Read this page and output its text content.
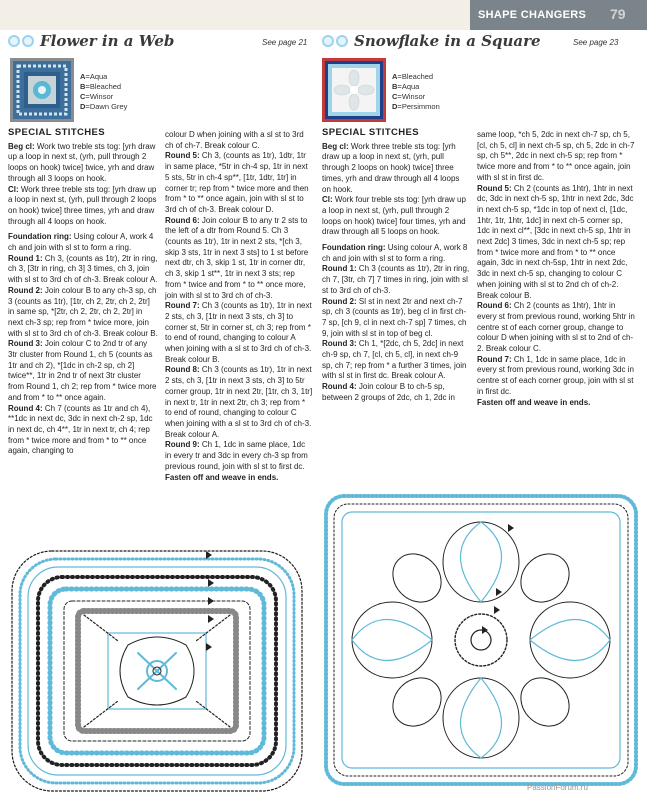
SHAPE CHANGERS 79
Flower in a Web	See page 21	Snowflake in a Square	See page 23
A=Aqua
B=Bleached
C=Winsor
D=Dawn Grey
A=Bleached
B=Aqua
C=Winsor
D=Persimmon
SPECIAL STITCHES

Beg cl: Work two treble sts tog: [yrh draw up a loop in next st, (yrh, pull through 2 loops on hook) twice] twice, yrh and draw through all 3 loops on hook.

Cl: Work three treble sts tog: [yrh draw up a loop in next st, (yrh, pull through 2 loops on hook) twice] three times, yrh and draw through all 4 loops on hook.

Foundation ring: Using colour A, work 4 ch and join with sl st to form a ring.

Round 1: Ch 3, (counts as 1tr), 2tr in ring, ch 3, [3tr in ring, ch 3] 3 times, ch 3, join with sl st to 3rd ch of ch-3. Break colour A.

Round 2: Join colour B to any ch-3 sp, ch 3 (counts as 1tr), [1tr, ch 2, 2tr, ch 2, 2tr] in same sp, *[2tr, ch 2, 2tr, ch 2, 2tr] in next ch-3 sp; rep from * twice more, join with sl st to 3rd ch of ch-3. Break colour B.

Round 3: Join colour C to 2nd tr of any 3tr cluster from Round 1, ch 5 (counts as 1tr and ch 2), *[1dc in ch-2 sp, ch 2] twice**, 1tr in 2nd tr of next 3tr cluster from Round 1, ch 2; rep from * twice more and from * to ** once again.

Round 4: Ch 7 (counts as 1tr and ch 4), **1dc in next dc, 3dc in next ch-2 sp, 1dc in next dc, ch 4**, 1tr in next tr, ch 4; rep from * twice more and from * to ** once again, changing to

colour D when joining with a sl st to 3rd ch of ch-7. Break colour C.

Round 5: Ch 3, (counts as 1tr), 1dtr, 1tr in same place, *5tr in ch-4 sp, 1tr in next 5 sts, 5tr in ch-4 sp**, [1tr, 1dtr, 1tr] in corner tr; rep from * twice more and then from * to ** once again, join with sl st to 3rd ch of ch-3. Break colour D.

Round 6: Join colour B to any tr 2 sts to the left of a dtr from Round 5. Ch 3 (counts as 1tr), 1tr in next 2 sts, *[ch 3, skip 3 sts, 1tr in next 3 sts] to 1 st before next dtr, ch 3, skip 1 st, 1tr in corner dtr, ch 3, skip 1 st**, 1tr in next 3 sts; rep from * twice and from * to ** once more, join with sl st to 3rd ch of ch-3.

Round 7: Ch 3 (counts as 1tr), 1tr in next 2 sts, ch 3, [1tr in next 3 sts, ch 3] to corner st, 5tr in corner st, ch 3; rep from * to end of round, changing to colour A when joining with a sl st to 3rd ch of ch-3. Break colour B.

Round 8: Ch 3 (counts as 1tr), 1tr in next 2 sts, ch 3, [1tr in next 3 sts, ch 3] to 5tr corner group, 1tr in next 2tr, [1tr, ch 3, 1tr] in next tr, 1tr in next 2tr, ch 3; rep from * to end of round, changing to colour C when joining with a sl st to 3rd ch of ch-3. Break colour A.

Round 9: Ch 1, 1dc in same place, 1dc in every tr and 3dc in every ch-3 sp from previous round, join with sl st to first dc.

Fasten off and weave in ends.

SPECIAL STITCHES

Beg cl: Work three treble sts tog: [yrh draw up a loop in next st, (yrh, pull through 2 loops on hook) twice] three times, yrh and draw through all 4 loops on hook.

Cl: Work four treble sts tog: [yrh draw up a loop in next st, (yrh, pull through 2 loops on hook) twice] four times, yrh and draw through all 5 loops on hook.

Foundation ring: Using colour A, work 8 ch and join with sl st to form a ring.

Round 1: Ch 3 (counts as 1tr), 2tr in ring, ch 7, [3tr, ch 7] 7 times in ring, join with sl st to 3rd ch of ch-3.

Round 2: Sl st in next 2tr and next ch-7 sp, ch 3 (counts as 1tr), beg cl in first ch-7 sp, [ch 9, cl in next ch-7 sp] 7 times, ch 9, join with sl st in top of beg cl.

Round 3: Ch 1, *[2dc, ch 5, 2dc] in next ch-9 sp, ch 7, [cl, ch 5, cl], in next ch-9 sp, ch 7; rep from * a further 3 times, join with sl st in first dc. Break colour A.

Round 4: Join colour B to ch-5 sp, between 2 groups of 2dc, ch 1, 2dc in

same loop, *ch 5, 2dc in next ch-7 sp, ch 5, [cl, ch 5, cl] in next ch-5 sp, ch 5, 2dc in ch-7 sp, ch 5**, 2dc in next ch-5 sp; rep from * twice more and from * to ** once again, join with sl st in first dc.

Round 5: Ch 2 (counts as 1htr), 1htr in next dc, 3dc in next ch-5 sp, 1htr in next 2dc, 3dc in next ch-5 sp, *1dc in top of next cl, [1dc, 1htr, 1tr, 1htr, 1dc] in next ch-5 corner sp, 1dc in next cl**, [3dc in next ch-5 sp, 1htr in next 2dc] 3 times, 3dc in next ch-5 sp; rep from * twice more and from * to ** once again, 3dc in next ch-5sp, 1htr in next 2dc, 3dc in next ch-5 sp, changing to colour C when joining with sl st to 2nd ch of ch-2. Break colour B.

Round 6: Ch 2 (counts as 1htr), 1htr in every st from previous round, working 5htr in centre st of each corner group, change to colour D when joining with sl st to 2nd of ch-2. Break colour C.

Round 7: Ch 1, 1dc in same place, 1dc in every st from previous round, working 3dc in centre st of each corner group, join with sl st in first dc.

Fasten off and weave in ends.

PassionForum.ru
